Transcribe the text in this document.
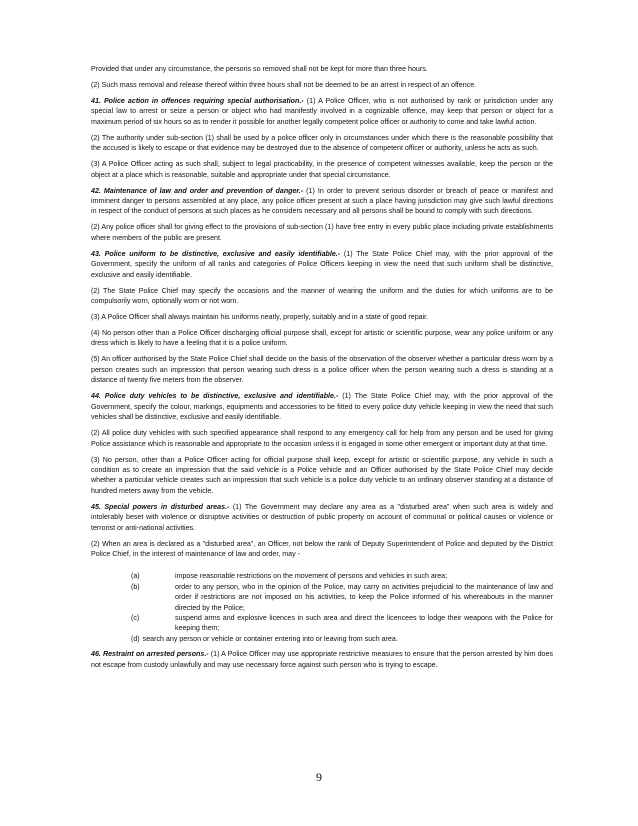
Provided that under any circumstance, the persons so removed shall not be kept for more than three hours.

(2) Such mass removal and release thereof within three hours shall not be deemed to be an arrest in respect of an offence.

41. Police action in offences requiring special authorisation.- (1) A Police Officer, who is not authorised by rank or jurisdiction under any special law to arrest or seize a person or object who had manifestly involved in a cognizable offence, may keep that person or object for a maximum period of six hours so as to render it possible for another legally competent police officer or authority to come and take lawful action.

(2) The authority under sub-section (1) shall be used by a police officer only in circumstances under which there is the reasonable possibility that the accused is likely to escape or that evidence may be destroyed due to the absence of competent officer or authority, unless he acts as such.

(3) A Police Officer acting as such shall, subject to legal practicability, in the presence of competent witnesses available, keep the person or the object at a place which is reasonable, suitable and appropriate under that special circumstance.

42. Maintenance of law and order and prevention of danger.- (1) In order to prevent serious disorder or breach of peace or manifest and imminent danger to persons assembled at any place, any police officer present at such a place having jurisdiction may give such lawful directions in respect of the conduct of persons at such places as he considers necessary and all persons shall be bound to comply with such directions.

(2) Any police officer shall for giving effect to the provisions of sub-section (1) have free entry in every public place including private establishments where members of the public are present.

43. Police uniform to be distinctive, exclusive and easily identifiable.- (1) The State Police Chief may, with the prior approval of the Government, specify the uniform of all ranks and categories of Police Officers keeping in view the need that such uniform shall be distinctive, exclusive and easily identifiable.

(2) The State Police Chief may specify the occasions and the manner of wearing the uniform and the duties for which uniforms are to be compulsorily worn, optionally worn or not worn.

(3) A Police Officer shall always maintain his uniforms neatly, properly, suitably and in a state of good repair.

(4) No person other than a Police Officer discharging official purpose shall, except for artistic or scientific purpose, wear any police uniform or any dress which is likely to have a feeling that it is a police uniform.

(5) An officer authorised by the State Police Chief shall decide on the basis of the observation of the observer whether a particular dress worn by a person creates such an impression that person wearing such dress is a police officer when the person wearing such a dress is standing at a distance of twenty five meters from the observer.

44. Police duty vehicles to be distinctive, exclusive and identifiable.- (1) The State Police Chief may, with the prior approval of the Government, specify the colour, markings, equipments and accessories to be fitted to every police duty vehicle keeping in view the need that such vehicles shall be distinctive, exclusive and easily identifiable.

(2) All police duty vehicles with such specified appearance shall respond to any emergency call for help from any person and be used for giving Police assistance which is reasonable and appropriate to the occasion unless it is engaged in some other emergent or important duty at that time.

(3) No person, other than a Police Officer acting for official purpose shall keep, except for artistic or scientific purpose, any vehicle in such a condition as to create an impression that the said vehicle is a Police vehicle and an Officer authorised by the State Police Chief may decide whether a particular vehicle creates such an impression that such vehicle is a police duty vehicle to an ordinary observer standing at a distance of hundred meters away from the vehicle.

45. Special powers in disturbed areas.- (1) The Government may declare any area as a "disturbed area" when such area is widely and intolerably beset with violence or disruptive activities or destruction of public property on account of communal or political causes or violence or terrorist or anti-national activities.

(2) When an area is declared as a "disturbed area", an Officer, not below the rank of Deputy Superintendent of Police and deputed by the District Police Chief, in the interest of maintenance of law and order, may -

(a)	impose reasonable restrictions on the movement of persons and vehicles in such area;
(b)	order to any person, who in the opinion of the Police, may carry on activities prejudicial to the maintenance of law and order if restrictions are not imposed on his activities, to keep the Police informed of his whereabouts in the manner directed by the Police;
(c)	suspend arms and explosive licences in such area and direct the licencees to lodge their weapons with the Police for keeping them;
(d) search any person or vehicle or container entering into or leaving from such area.

46. Restraint on arrested persons.- (1) A Police Officer may use appropriate restrictive measures to ensure that the person arrested by him does not escape from custody unlawfully and may use necessary force against such person who is trying to escape.

9
